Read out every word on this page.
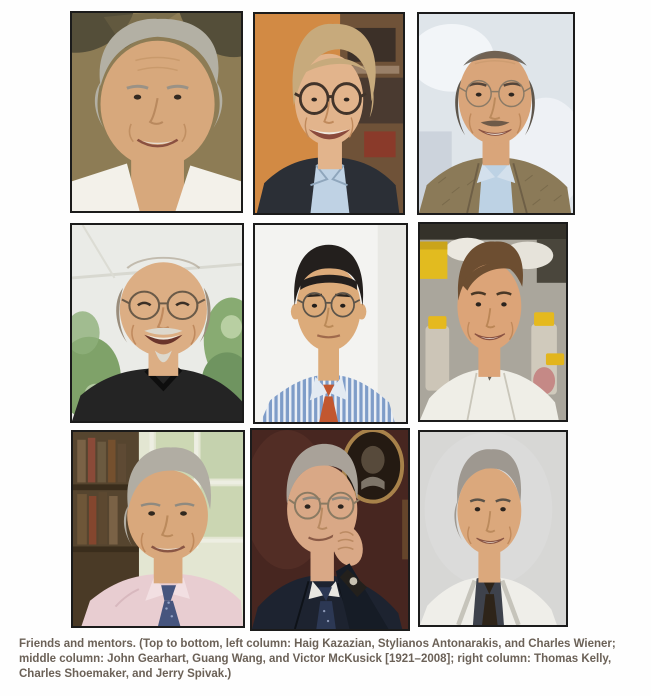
Friends and mentors. (Top to bottom, left column: Haig Kazazian, Stylianos Antonarakis, and Charles Wiener;
middle column: John Gearhart, Guang Wang, and Victor McKusick [1921–2008]; right column: Thomas Kelly,
Charles Shoemaker, and Jerry Spivak.)
